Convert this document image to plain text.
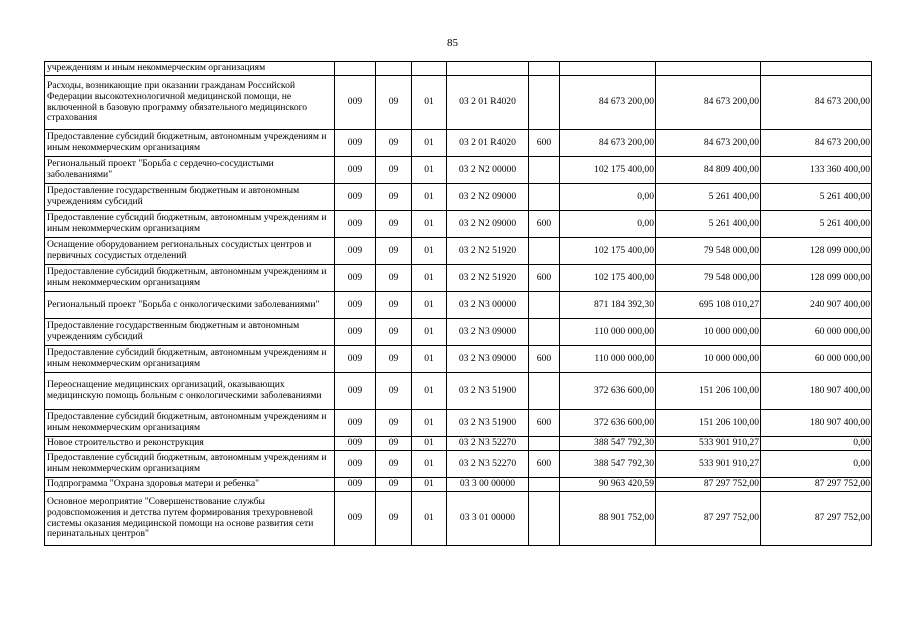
85
учреждениям и иным некоммерческим организациям								
Расходы, возникающие при оказании гражданам Российской Федерации высокотехнологичной медицинской помощи, не включенной в базовую программу обязательного медицинского страхования	009	09	01	03 2 01 R4020		84 673 200,00	84 673 200,00	84 673 200,00
Предоставление субсидий бюджетным, автономным учреждениям и иным некоммерческим организациям	009	09	01	03 2 01 R4020	600	84 673 200,00	84 673 200,00	84 673 200,00
Региональный проект "Борьба с сердечно-сосудистыми заболеваниями"	009	09	01	03 2 N2 00000		102 175 400,00	84 809 400,00	133 360 400,00
Предоставление государственным бюджетным и автономным учреждениям субсидий	009	09	01	03 2 N2 09000		0,00	5 261 400,00	5 261 400,00
Предоставление субсидий бюджетным, автономным учреждениям и иным некоммерческим организациям	009	09	01	03 2 N2 09000	600	0,00	5 261 400,00	5 261 400,00
Оснащение оборудованием региональных сосудистых центров и первичных сосудистых отделений	009	09	01	03 2 N2 51920		102 175 400,00	79 548 000,00	128 099 000,00
Предоставление субсидий бюджетным, автономным учреждениям и иным некоммерческим организациям	009	09	01	03 2 N2 51920	600	102 175 400,00	79 548 000,00	128 099 000,00
Региональный проект "Борьба с онкологическими заболеваниями"	009	09	01	03 2 N3 00000		871 184 392,30	695 108 010,27	240 907 400,00
Предоставление государственным бюджетным и автономным учреждениям субсидий	009	09	01	03 2 N3 09000		110 000 000,00	10 000 000,00	60 000 000,00
Предоставление субсидий бюджетным, автономным учреждениям и иным некоммерческим организациям	009	09	01	03 2 N3 09000	600	110 000 000,00	10 000 000,00	60 000 000,00
Переоснащение медицинских организаций, оказывающих медицинскую помощь больным с онкологическими заболеваниями	009	09	01	03 2 N3 51900		372 636 600,00	151 206 100,00	180 907 400,00
Предоставление субсидий бюджетным, автономным учреждениям и иным некоммерческим организациям	009	09	01	03 2 N3 51900	600	372 636 600,00	151 206 100,00	180 907 400,00
Новое строительство и реконструкция	009	09	01	03 2 N3 52270		388 547 792,30	533 901 910,27	0,00
Предоставление субсидий бюджетным, автономным учреждениям и иным некоммерческим организациям	009	09	01	03 2 N3 52270	600	388 547 792,30	533 901 910,27	0,00
Подпрограмма "Охрана здоровья матери и ребенка"	009	09	01	03 3 00 00000		90 963 420,59	87 297 752,00	87 297 752,00
Основное мероприятие "Совершенствование службы родовспоможения и детства путем формирования трехуровневой системы оказания медицинской помощи на основе развития сети перинатальных центров"	009	09	01	03 3 01 00000		88 901 752,00	87 297 752,00	87 297 752,00
